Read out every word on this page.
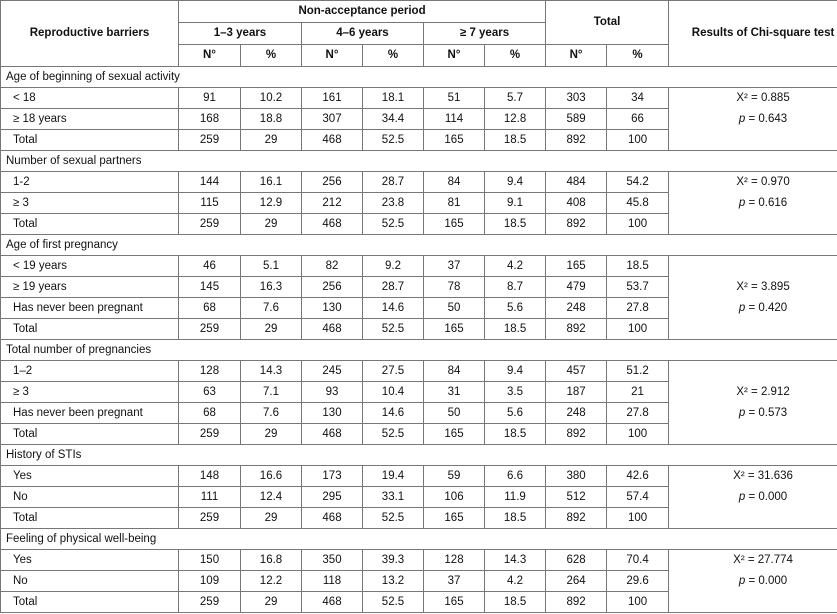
Reproductive barriers	Non-acceptance period						Total		Results of Chi-square test
	1–3 years		4–6 years		≥ 7 years				
	N°	%	N°	%	N°	%	N°	%	
Age of beginning of sexual activity									
< 18	91	10.2	161	18.1	51	5.7	303	34	X² = 0.885
≥ 18 years	168	18.8	307	34.4	114	12.8	589	66	p = 0.643
Total	259	29	468	52.5	165	18.5	892	100	
Number of sexual partners									
1-2	144	16.1	256	28.7	84	9.4	484	54.2	X² = 0.970
≥ 3	115	12.9	212	23.8	81	9.1	408	45.8	p = 0.616
Total	259	29	468	52.5	165	18.5	892	100	
Age of first pregnancy									
< 19 years	46	5.1	82	9.2	37	4.2	165	18.5	
≥ 19 years	145	16.3	256	28.7	78	8.7	479	53.7	X² = 3.895
Has never been pregnant	68	7.6	130	14.6	50	5.6	248	27.8	p = 0.420
Total	259	29	468	52.5	165	18.5	892	100	
Total number of pregnancies									
1–2	128	14.3	245	27.5	84	9.4	457	51.2	
≥ 3	63	7.1	93	10.4	31	3.5	187	21	X² = 2.912
Has never been pregnant	68	7.6	130	14.6	50	5.6	248	27.8	p = 0.573
Total	259	29	468	52.5	165	18.5	892	100	
History of STIs									
Yes	148	16.6	173	19.4	59	6.6	380	42.6	X² = 31.636
No	111	12.4	295	33.1	106	11.9	512	57.4	p = 0.000
Total	259	29	468	52.5	165	18.5	892	100	
Feeling of physical well-being									
Yes	150	16.8	350	39.3	128	14.3	628	70.4	X² = 27.774
No	109	12.2	118	13.2	37	4.2	264	29.6	p = 0.000
Total	259	29	468	52.5	165	18.5	892	100	
